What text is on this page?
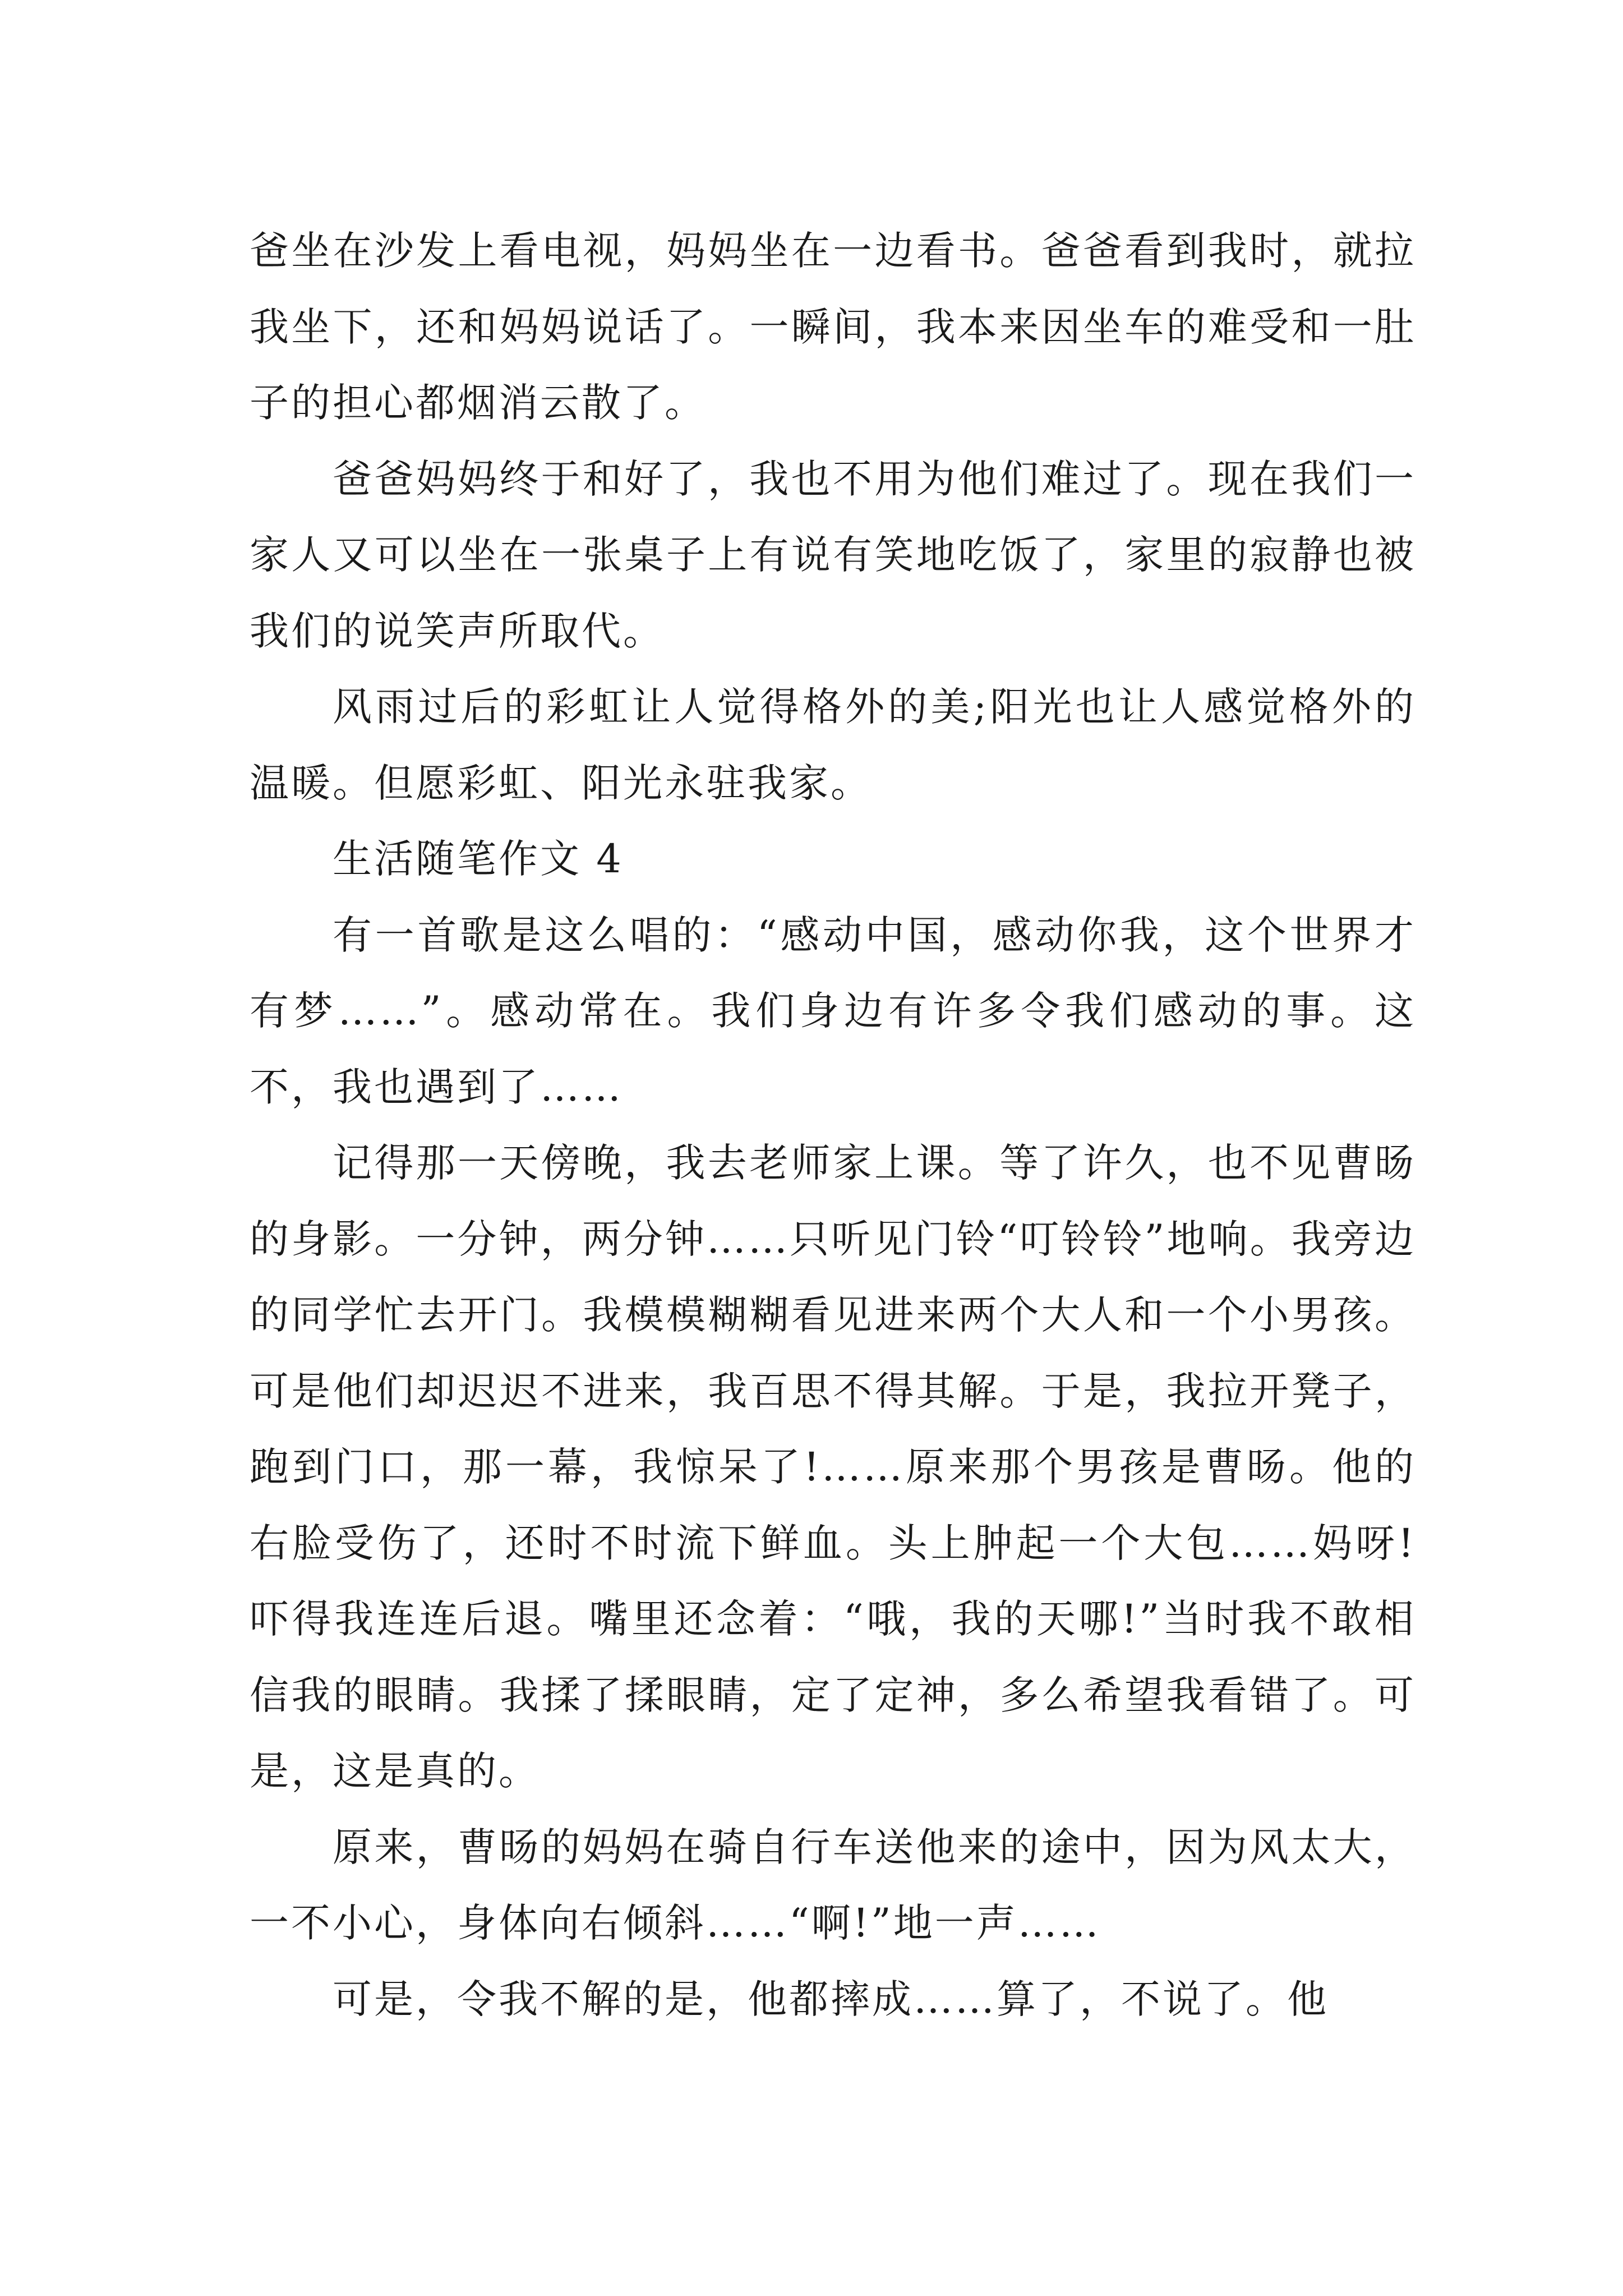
爸坐在沙发上看电视，妈妈坐在一边看书。爸爸看到我时，就拉我坐下，还和妈妈说话了。一瞬间，我本来因坐车的难受和一肚子的担心都烟消云散了。

爸爸妈妈终于和好了，我也不用为他们难过了。现在我们一家人又可以坐在一张桌子上有说有笑地吃饭了，家里的寂静也被我们的说笑声所取代。

风雨过后的彩虹让人觉得格外的美;阳光也让人感觉格外的温暖。但愿彩虹、阳光永驻我家。

生活随笔作文 4

有一首歌是这么唱的：“感动中国，感动你我，这个世界才有梦……”。感动常在。我们身边有许多令我们感动的事。这不，我也遇到了……

记得那一天傍晚，我去老师家上课。等了许久，也不见曹旸的身影。一分钟，两分钟……只听见门铃“叮铃铃”地响。我旁边的同学忙去开门。我模模糊糊看见进来两个大人和一个小男孩。可是他们却迟迟不进来，我百思不得其解。于是，我拉开凳子，跑到门口，那一幕，我惊呆了!……原来那个男孩是曹旸。他的右脸受伤了，还时不时流下鲜血。头上肿起一个大包……妈呀!吓得我连连后退。嘴里还念着：“哦，我的天哪!”当时我不敢相信我的眼睛。我揉了揉眼睛，定了定神，多么希望我看错了。可是，这是真的。

原来，曹旸的妈妈在骑自行车送他来的途中，因为风太大，一不小心，身体向右倾斜……“啊!”地一声……

可是，令我不解的是，他都摔成……算了，不说了。他
